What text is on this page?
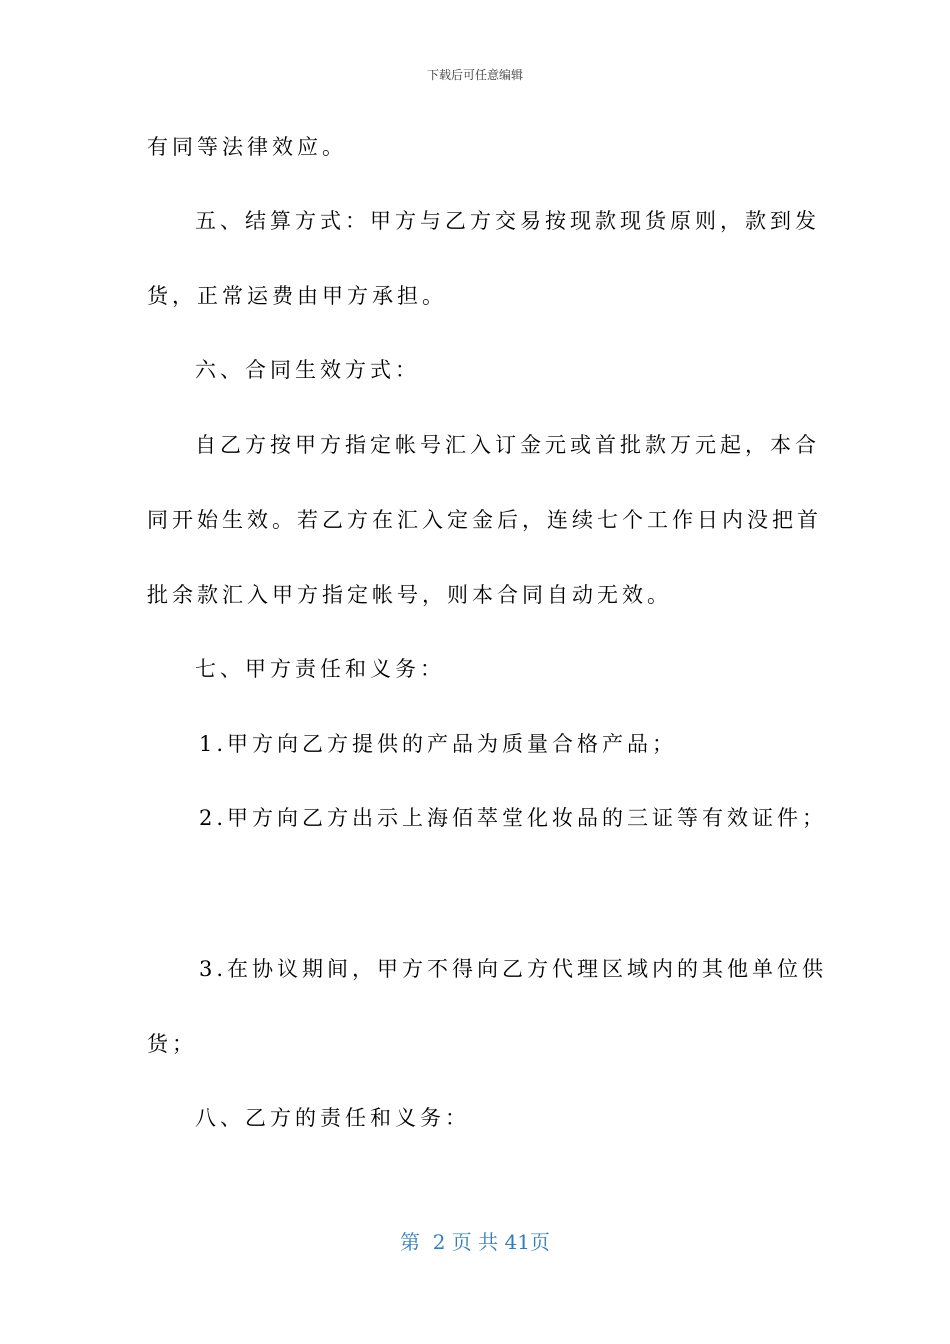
下载后可任意编辑
有同等法律效应。
五、结算方式：甲方与乙方交易按现款现货原则，款到发
货，正常运费由甲方承担。
六、合同生效方式：
自乙方按甲方指定帐号汇入订金元或首批款万元起，本合
同开始生效。若乙方在汇入定金后，连续七个工作日内没把首
批余款汇入甲方指定帐号，则本合同自动无效。
七、甲方责任和义务：
1.甲方向乙方提供的产品为质量合格产品；
2.甲方向乙方出示上海佰萃堂化妆品的三证等有效证件；
3.在协议期间，甲方不得向乙方代理区域内的其他单位供
货；
八、乙方的责任和义务：
第  2 页 共 41页
